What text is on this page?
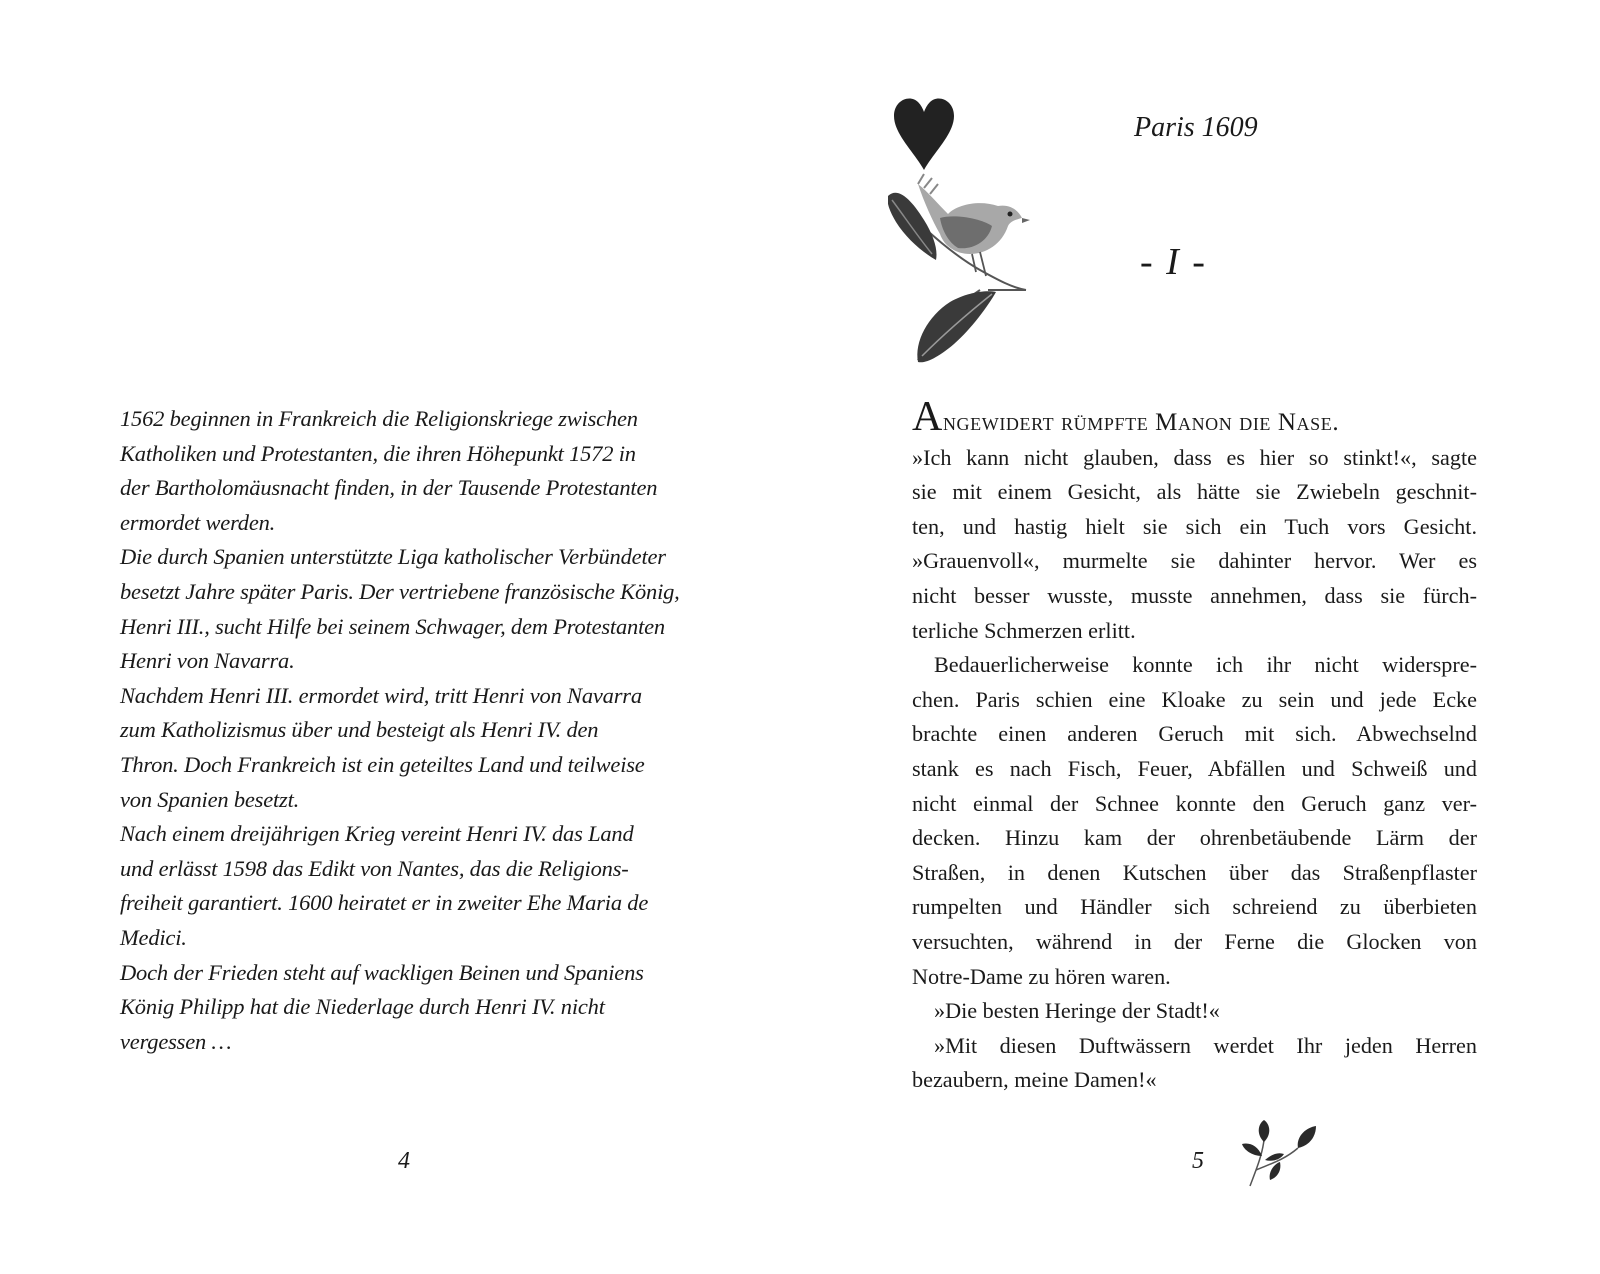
1562 beginnen in Frankreich die Religionskriege zwischen
Katholiken und Protestanten, die ihren Höhepunkt 1572 in
der Bartholomäusnacht finden, in der Tausende Protestanten
ermordet werden.
Die durch Spanien unterstützte Liga katholischer Verbündeter
besetzt Jahre später Paris. Der vertriebene französische König,
Henri III., sucht Hilfe bei seinem Schwager, dem Protestanten
Henri von Navarra.
Nachdem Henri III. ermordet wird, tritt Henri von Navarra
zum Katholizismus über und besteigt als Henri IV. den
Thron. Doch Frankreich ist ein geteiltes Land und teilweise
von Spanien besetzt.
Nach einem dreijährigen Krieg vereint Henri IV. das Land
und erlässt 1598 das Edikt von Nantes, das die Religions-
freiheit garantiert. 1600 heiratet er in zweiter Ehe Maria de
Medici.
Doch der Frieden steht auf wackligen Beinen und Spaniens
König Philipp hat die Niederlage durch Henri IV. nicht
vergessen …
4
Paris 1609
- I -
Angewidert rümpfte Manon die Nase.
»Ich kann nicht glauben, dass es hier so stinkt!«, sagte
sie mit einem Gesicht, als hätte sie Zwiebeln geschnit-
ten, und hastig hielt sie sich ein Tuch vors Gesicht.
»Grauenvoll«, murmelte sie dahinter hervor. Wer es
nicht besser wusste, musste annehmen, dass sie fürch-
terliche Schmerzen erlitt.
Bedauerlicherweise konnte ich ihr nicht widerspre-
chen. Paris schien eine Kloake zu sein und jede Ecke
brachte einen anderen Geruch mit sich. Abwechselnd
stank es nach Fisch, Feuer, Abfällen und Schweiß und
nicht einmal der Schnee konnte den Geruch ganz ver-
decken. Hinzu kam der ohrenbetäubende Lärm der
Straßen, in denen Kutschen über das Straßenpflaster
rumpelten und Händler sich schreiend zu überbieten
versuchten, während in der Ferne die Glocken von
Notre-Dame zu hören waren.
»Die besten Heringe der Stadt!«
»Mit diesen Duftwässern werdet Ihr jeden Herren
bezaubern, meine Damen!«
5
